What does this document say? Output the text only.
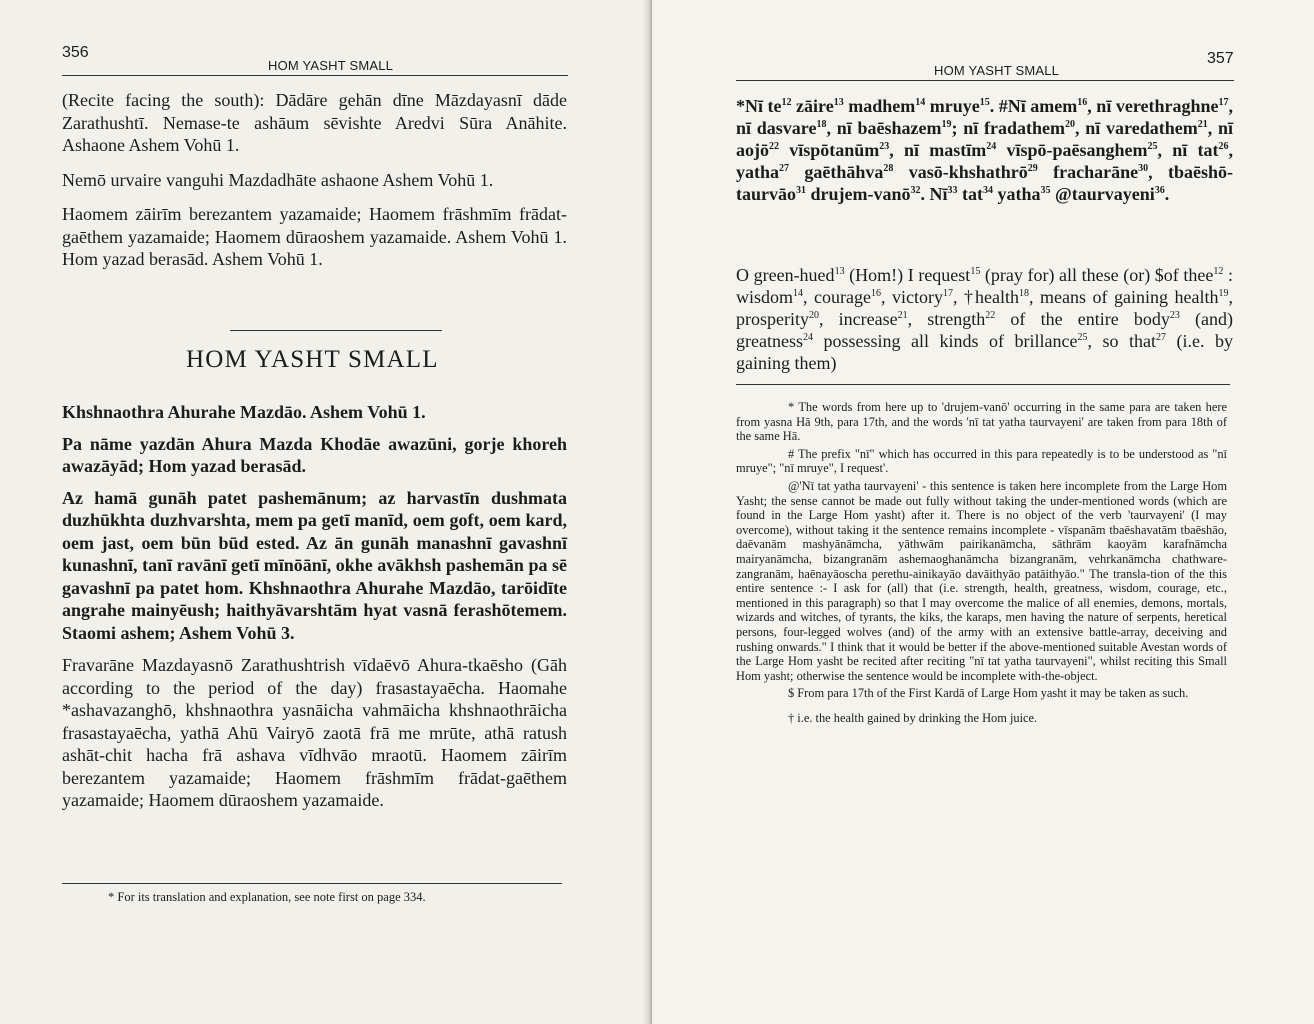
356
HOM YASHT SMALL

(Recite facing the south): Dādāre gehān dīne Māzdayasnī dāde Zarathushtī. Nemase-te ashāum sēvishte Aredvi Sūra Anāhite. Ashaone Ashem Vohū 1.

Nemō urvaire vanguhi Mazdadhāte ashaone Ashem Vohū 1.

Haomem zāirīm berezantem yazamaide; Haomem frāshmīm frādat-gaēthem yazamaide; Haomem dūraoshem yazamaide. Ashem Vohū 1. Hom yazad berasād. Ashem Vohū 1.

HOM YASHT SMALL

Khshnaothra Ahurahe Mazdāo. Ashem Vohū 1.

Pa nāme yazdān Ahura Mazda Khodāe awazūni, gorje khoreh awazāyād; Hom yazad berasād.

Az hamā gunāh patet pashemānum; az harvastīn dushmata duzhūkhta duzhvarshta, mem pa getī manīd, oem goft, oem kard, oem jast, oem būn būd ested. Az ān gunāh manashnī gavashnī kunashnī, tanī ravānī getī mīnōānī, okhe avākhsh pashemān pa sē gavashnī pa patet hom. Khshnaothra Ahurahe Mazdāo, tarōidīte angrahe mainyēush; haithyāvarshtām hyat vasnā ferashōtemem. Staomi ashem; Ashem Vohū 3.

Fravarāne Mazdayasnō Zarathushtrish vīdaēvō Ahura-tkaēsho (Gāh according to the period of the day) frasastayaēcha. Haomahe *ashavazanghō, khshnaothra yasnāicha vahmāicha khshnaothrāicha frasastayaēcha, yathā Ahū Vairyō zaotā frā me mrūte, athā ratush ashāt-chit hacha frā ashava vīdhvāo mraotū. Haomem zāirīm berezantem yazamaide; Haomem frāshmīm frādat-gaēthem yazamaide; Haomem dūraoshem yazamaide.

* For its translation and explanation, see note first on page 334.
357
HOM YASHT SMALL
*Nī $te^{12}$ zāire$^{13}$ madhem$^{14}$ mruye$^{15}$. #Nī amem$^{16}$, nī verethraghne$^{17}$, nī dasvare$^{18}$, nī baēshazem$^{19}$; nī fradathem$^{20}$, nī varedathem$^{21}$, nī aojō$^{22}$ vīspōtanūm$^{23}$, nī mastīm$^{24}$ vīspō-paēsanghem$^{25}$, nī tat$^{26}$, yatha$^{27}$ gaēthāhva$^{28}$ vasō-khshathrō$^{29}$ fracharāne$^{30}$, tbaēshō-taurvāo$^{31}$ drujem-vanō$^{32}$. $Nī^{33}$ tat$^{34}$ yatha$^{35}$ @taurvayeni$^{36}$.
O green-hued$^{13}$ (Hom!) I request$^{15}$ (pray for) all these (or) $of thee$^{12}$ : wisdom$^{14}$, courage$^{16}$, victory$^{17}$, †health$^{18}$, means of gaining health$^{19}$, prosperity$^{20}$, increase$^{21}$, strength$^{22}$ of the entire body$^{23}$ (and) greatness$^{24}$ possessing all kinds of brillance$^{25}$, so that$^{27}$ (i.e. by gaining them)

* The words from here up to 'drujem-vanō' occurring in the same para are taken here from yasna Hā 9th, para 17th, and the words 'nī tat yatha taurvayeni' are taken from para 18th of the same Hā.

# The prefix "nī" which has occurred in this para repeatedly is to be understood as "nī mruye"; "nī mruye", I request'.

@'Nī tat yatha taurvayeni' - this sentence is taken here incomplete from the Large Hom Yasht; the sense cannot be made out fully without taking the under-mentioned words (which are found in the Large Hom yasht) after it. There is no object of the verb 'taurvayeni' (I may overcome), without taking it the sentence remains incomplete - vīspanām tbaēshavatām tbaēshāo, daēvanām mashyānāmcha, yāthwām pairikanāmcha, sāthrām kaoyām karafnāmcha mairyanāmcha, bizangranām ashemaoghanāmcha bizangranām, vehrkanāmcha chathware-zangranām, haēnayāoscha perethu-ainikayāo davāithyāo patāithyāo." The transla-tion of the this entire sentence :- I ask for (all) that (i.e. strength, health, greatness, wisdom, courage, etc., mentioned in this paragraph) so that I may overcome the malice of all enemies, demons, mortals, wizards and witches, of tyrants, the kiks, the karaps, men having the nature of serpents, heretical persons, four-legged wolves (and) of the army with an extensive battle-array, deceiving and rushing onwards." I think that it would be better if the above-mentioned suitable Avestan words of the Large Hom yasht be recited after reciting "nī tat yatha taurvayeni", whilst reciting this Small Hom yasht; otherwise the sentence would be incomplete with-the-object.

$ From para 17th of the First Kardā of Large Hom yasht it may be taken as such.

† i.e. the health gained by drinking the Hom juice.
